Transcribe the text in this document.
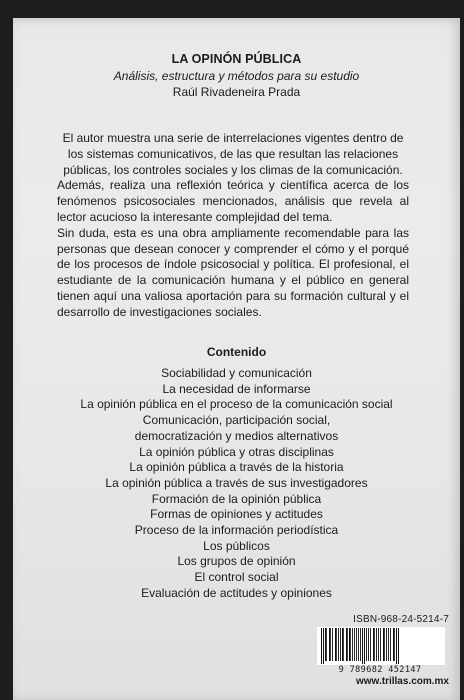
LA OPINÓN PÚBLICA
Análisis, estructura y métodos para su estudio
Raúl Rivadeneira Prada

El autor muestra una serie de interrelaciones vigentes dentro de los sistemas comunicativos, de las que resultan las relaciones públicas, los controles sociales y los climas de la comunicación.

Además, realiza una reflexión teórica y científica acerca de los fenómenos psicosociales mencionados, análisis que revela al lector acucioso la interesante complejidad del tema.

Sin duda, esta es una obra ampliamente recomendable para las personas que desean conocer y comprender el cómo y el porqué de los procesos de índole psicosocial y política. El profesional, el estudiante de la comunicación humana y el público en general tienen aquí una valiosa aportación para su formación cultural y el desarrollo de investigaciones sociales.

Contenido
Sociabilidad y comunicación
La necesidad de informarse
La opinión pública en el proceso de la comunicación social
Comunicación, participación social, democratización y medios alternativos
La opinión pública y otras disciplinas
La opinión pública a través de la historia
La opinión pública a través de sus investigadores
Formación de la opinión pública
Formas de opiniones y actitudes
Proceso de la información periodística
Los públicos
Los grupos de opinión
El control social
Evaluación de actitudes y opiniones
ISBN-968-24-5214-7
9 789682 452147
www.trillas.com.mx
